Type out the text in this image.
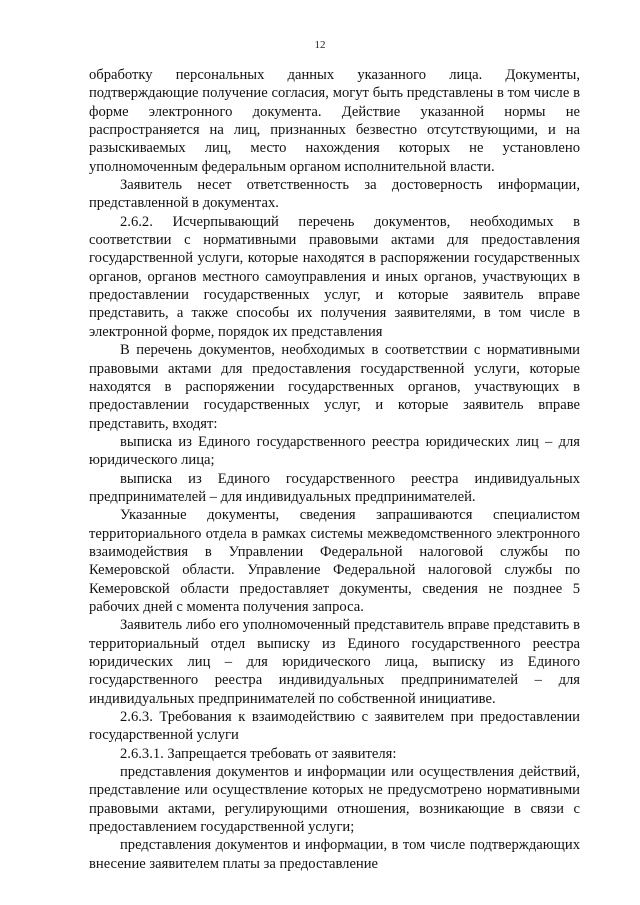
12

обработку персональных данных указанного лица. Документы, подтверждающие получение согласия, могут быть представлены в том числе в форме электронного документа. Действие указанной нормы не распространяется на лиц, признанных безвестно отсутствующими, и на разыскиваемых лиц, место нахождения которых не установлено уполномоченным федеральным органом исполнительной власти.

Заявитель несет ответственность за достоверность информации, представленной в документах.

2.6.2. Исчерпывающий перечень документов, необходимых в соответствии с нормативными правовыми актами для предоставления государственной услуги, которые находятся в распоряжении государственных органов, органов местного самоуправления и иных органов, участвующих в предоставлении государственных услуг, и которые заявитель вправе представить, а также способы их получения заявителями, в том числе в электронной форме, порядок их представления

В перечень документов, необходимых в соответствии с нормативными правовыми актами для предоставления государственной услуги, которые находятся в распоряжении государственных органов, участвующих в предоставлении государственных услуг, и которые заявитель вправе представить, входят:

выписка из Единого государственного реестра юридических лиц – для юридического лица;

выписка из Единого государственного реестра индивидуальных предпринимателей – для индивидуальных предпринимателей.

Указанные документы, сведения запрашиваются специалистом территориального отдела в рамках системы межведомственного электронного взаимодействия в Управлении Федеральной налоговой службы по Кемеровской области. Управление Федеральной налоговой службы по Кемеровской области предоставляет документы, сведения не позднее 5 рабочих дней с момента получения запроса.

Заявитель либо его уполномоченный представитель вправе представить в территориальный отдел выписку из Единого государственного реестра юридических лиц – для юридического лица, выписку из Единого государственного реестра индивидуальных предпринимателей – для индивидуальных предпринимателей по собственной инициативе.

2.6.3. Требования к взаимодействию с заявителем при предоставлении государственной услуги

2.6.3.1. Запрещается требовать от заявителя:

представления документов и информации или осуществления действий, представление или осуществление которых не предусмотрено нормативными правовыми актами, регулирующими отношения, возникающие в связи с предоставлением государственной услуги;

представления документов и информации, в том числе подтверждающих внесение заявителем платы за предоставление
